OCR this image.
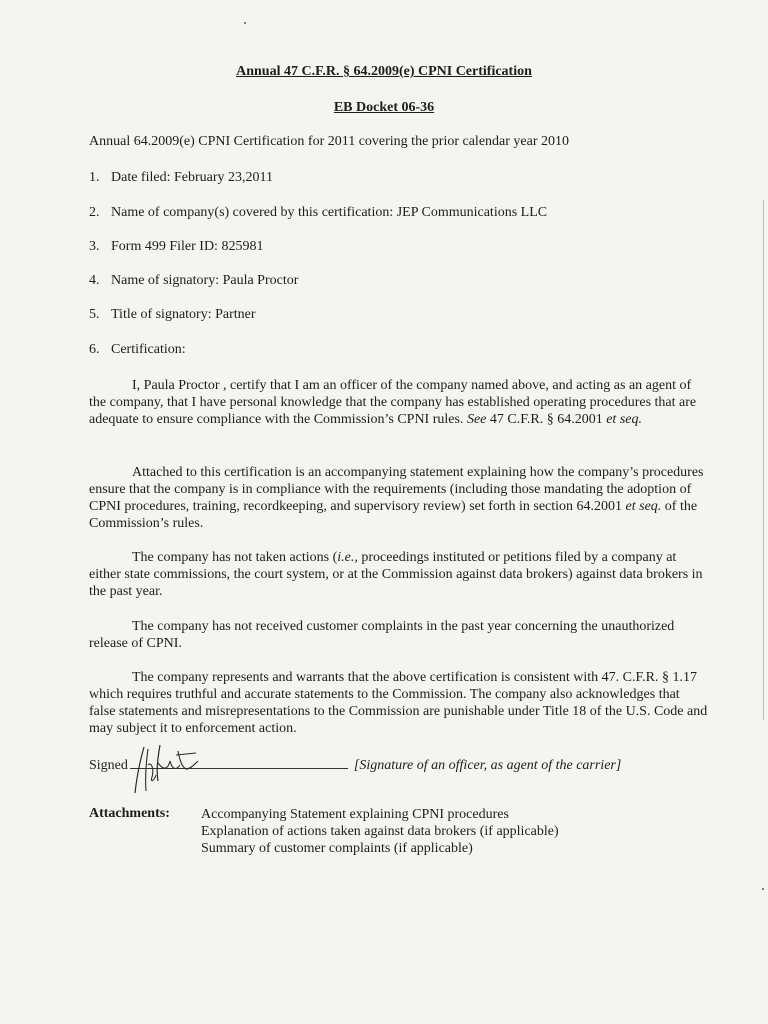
Annual 47 C.F.R. § 64.2009(e) CPNI Certification
EB Docket 06-36
Annual 64.2009(e) CPNI Certification for 2011 covering the prior calendar year 2010
1. Date filed: February 23,2011
2. Name of company(s) covered by this certification: JEP Communications LLC
3. Form 499 Filer ID: 825981
4. Name of signatory: Paula Proctor
5. Title of signatory: Partner
6. Certification:

I, Paula Proctor , certify that I am an officer of the company named above, and acting as an agent of the company, that I have personal knowledge that the company has established operating procedures that are adequate to ensure compliance with the Commission’s CPNI rules. See 47 C.F.R. § 64.2001 et seq.

Attached to this certification is an accompanying statement explaining how the company’s procedures ensure that the company is in compliance with the requirements (including those mandating the adoption of CPNI procedures, training, recordkeeping, and supervisory review) set forth in section 64.2001 et seq. of the Commission’s rules.

The company has not taken actions (i.e., proceedings instituted or petitions filed by a company at either state commissions, the court system, or at the Commission against data brokers) against data brokers in the past year.

The company has not received customer complaints in the past year concerning the unauthorized release of CPNI.

The company represents and warrants that the above certification is consistent with 47. C.F.R. § 1.17 which requires truthful and accurate statements to the Commission. The company also acknowledges that false statements and misrepresentations to the Commission are punishable under Title 18 of the U.S. Code and may subject it to enforcement action.

Signed	[Signature of an officer, as agent of the carrier]
Attachments: Accompanying Statement explaining CPNI procedures
Explanation of actions taken against data brokers (if applicable)
Summary of customer complaints (if applicable)
